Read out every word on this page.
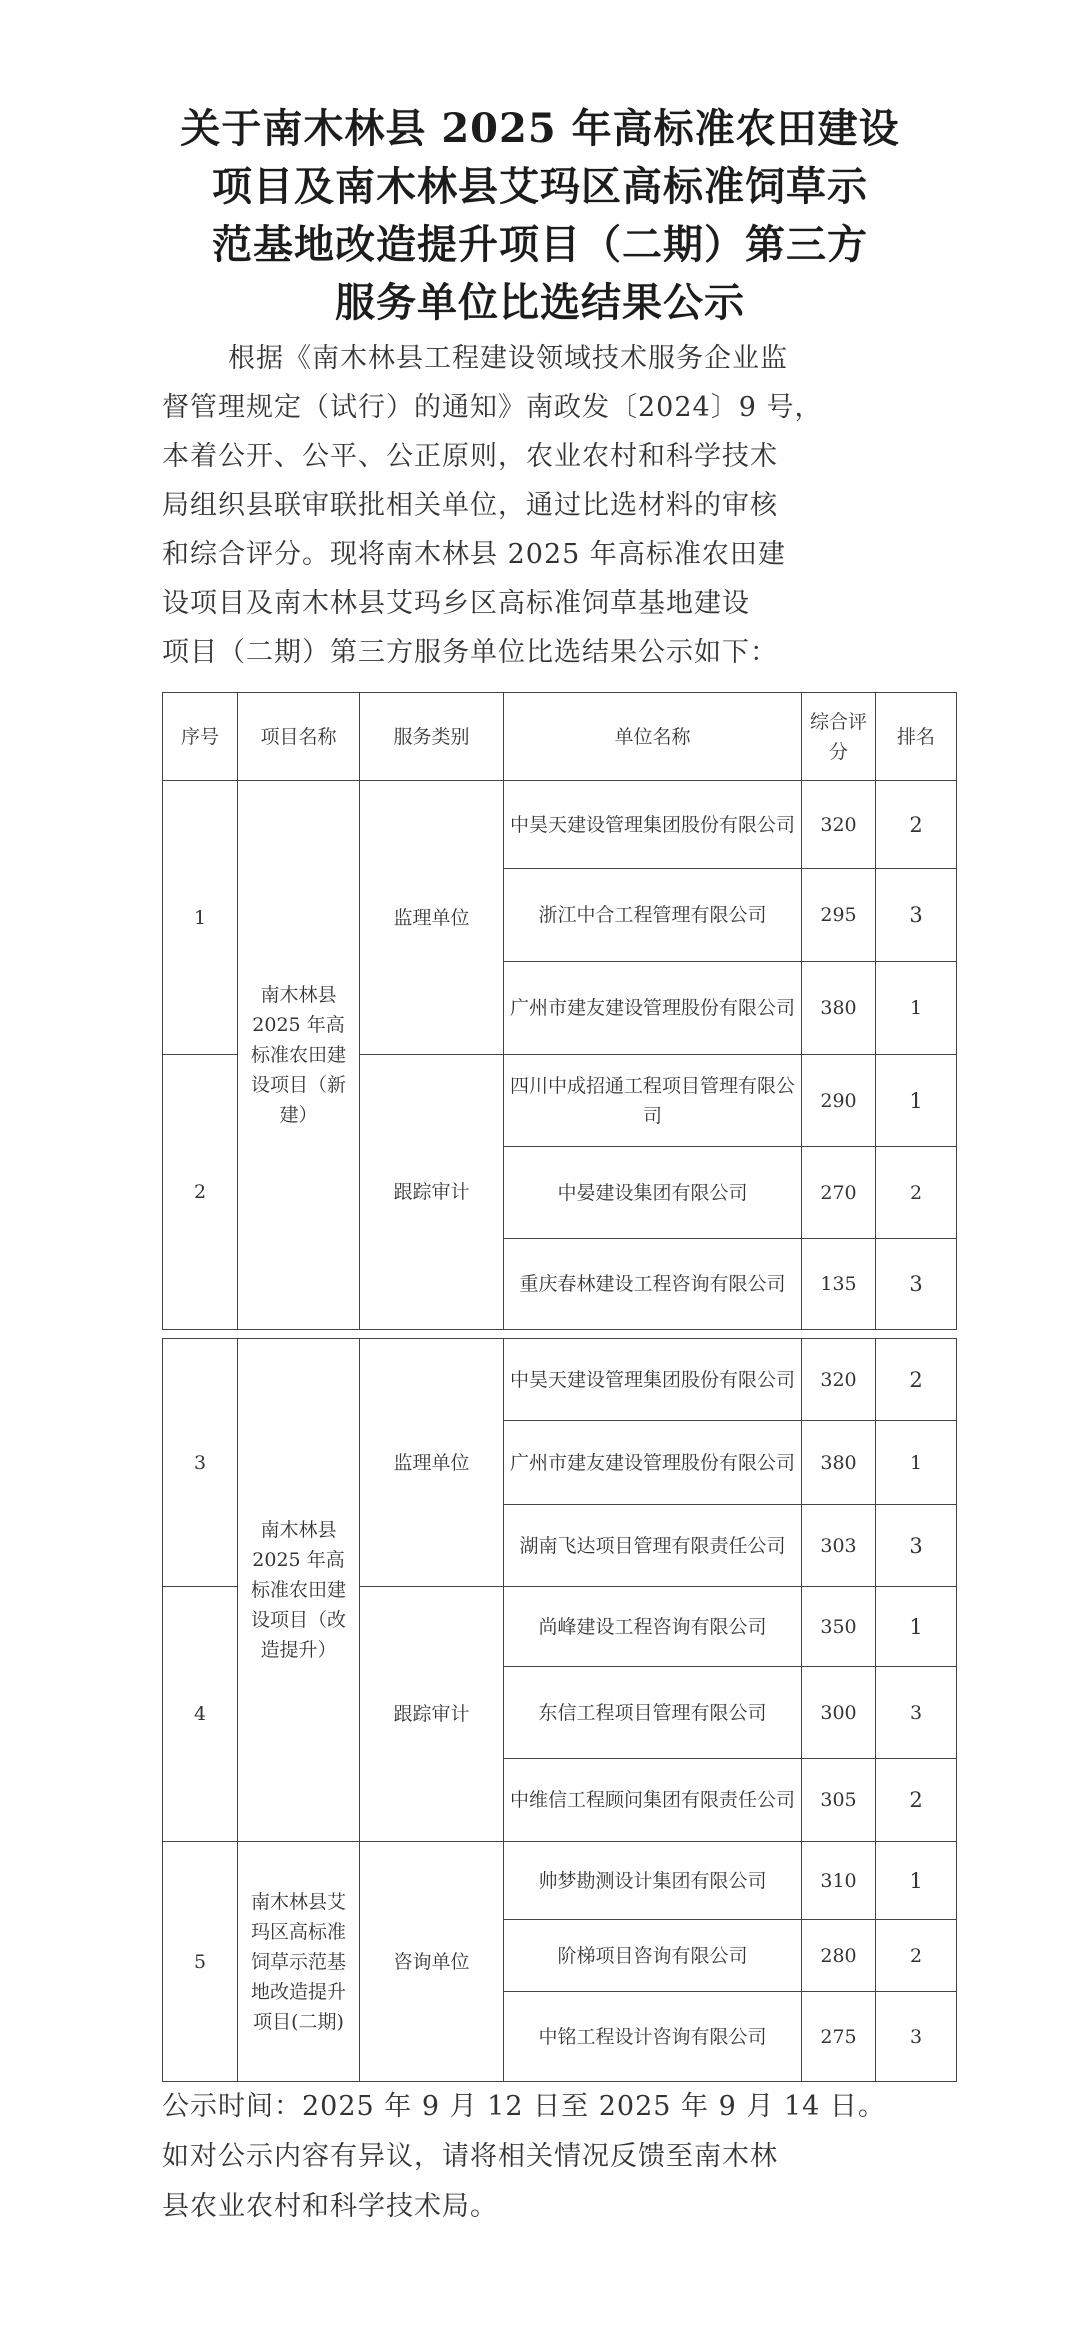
关于南木林县 2025 年高标准农田建设
项目及南木林县艾玛区高标准饲草示
范基地改造提升项目（二期）第三方
服务单位比选结果公示
根据《南木林县工程建设领域技术服务企业监
督管理规定（试行）的通知》南政发〔2024〕9 号，
本着公开、公平、公正原则，农业农村和科学技术
局组织县联审联批相关单位，通过比选材料的审核
和综合评分。现将南木林县 2025 年高标准农田建
设项目及南木林县艾玛乡区高标准饲草基地建设
项目（二期）第三方服务单位比选结果公示如下：
序号	项目名称	服务类别	单位名称	综合评分	排名
1	南木林县 2025 年高标准农田建设项目（新建）	监理单位	中昊天建设管理集团股份有限公司	320	2
			浙江中合工程管理有限公司	295	3
			广州市建友建设管理股份有限公司	380	1
2		跟踪审计	四川中成招通工程项目管理有限公司	290	1
			中晏建设集团有限公司	270	2
			重庆春林建设工程咨询有限公司	135	3
3	南木林县 2025 年高标准农田建设项目（改造提升）	监理单位	中昊天建设管理集团股份有限公司	320	2
			广州市建友建设管理股份有限公司	380	1
			湖南飞达项目管理有限责任公司	303	3
4		跟踪审计	尚峰建设工程咨询有限公司	350	1
			东信工程项目管理有限公司	300	3
			中维信工程顾问集团有限责任公司	305	2
5	南木林县艾玛区高标准饲草示范基地改造提升项目(二期)	咨询单位	帅梦勘测设计集团有限公司	310	1
			阶梯项目咨询有限公司	280	2
			中铭工程设计咨询有限公司	275	3
公示时间：2025 年 9 月 12 日至 2025 年 9 月 14 日。
如对公示内容有异议，请将相关情况反馈至南木林
县农业农村和科学技术局。
